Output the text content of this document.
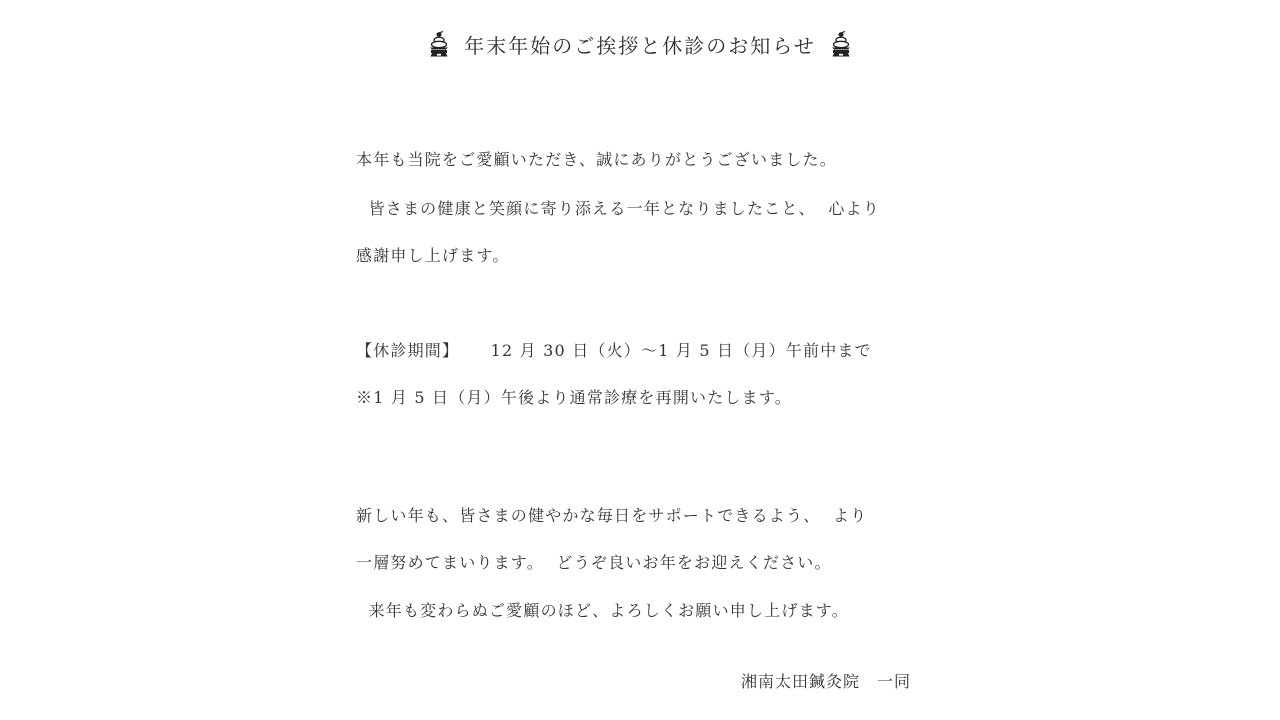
年末年始のご挨拶と休診のお知らせ
本年も当院をご愛顧いただき、誠にありがとうございました。
皆さまの健康と笑顔に寄り添える一年となりましたこと、  心より
感謝申し上げます。
【休診期間】     12 月 30 日（火）〜1 月 5 日（月）午前中まで
※1 月 5 日（月）午後より通常診療を再開いたします。
新しい年も、皆さまの健やかな毎日をサポートできるよう、  より
一層努めてまいります。  どうぞ良いお年をお迎えください。
来年も変わらぬご愛顧のほど、よろしくお願い申し上げます。
湘南太田鍼灸院　一同
